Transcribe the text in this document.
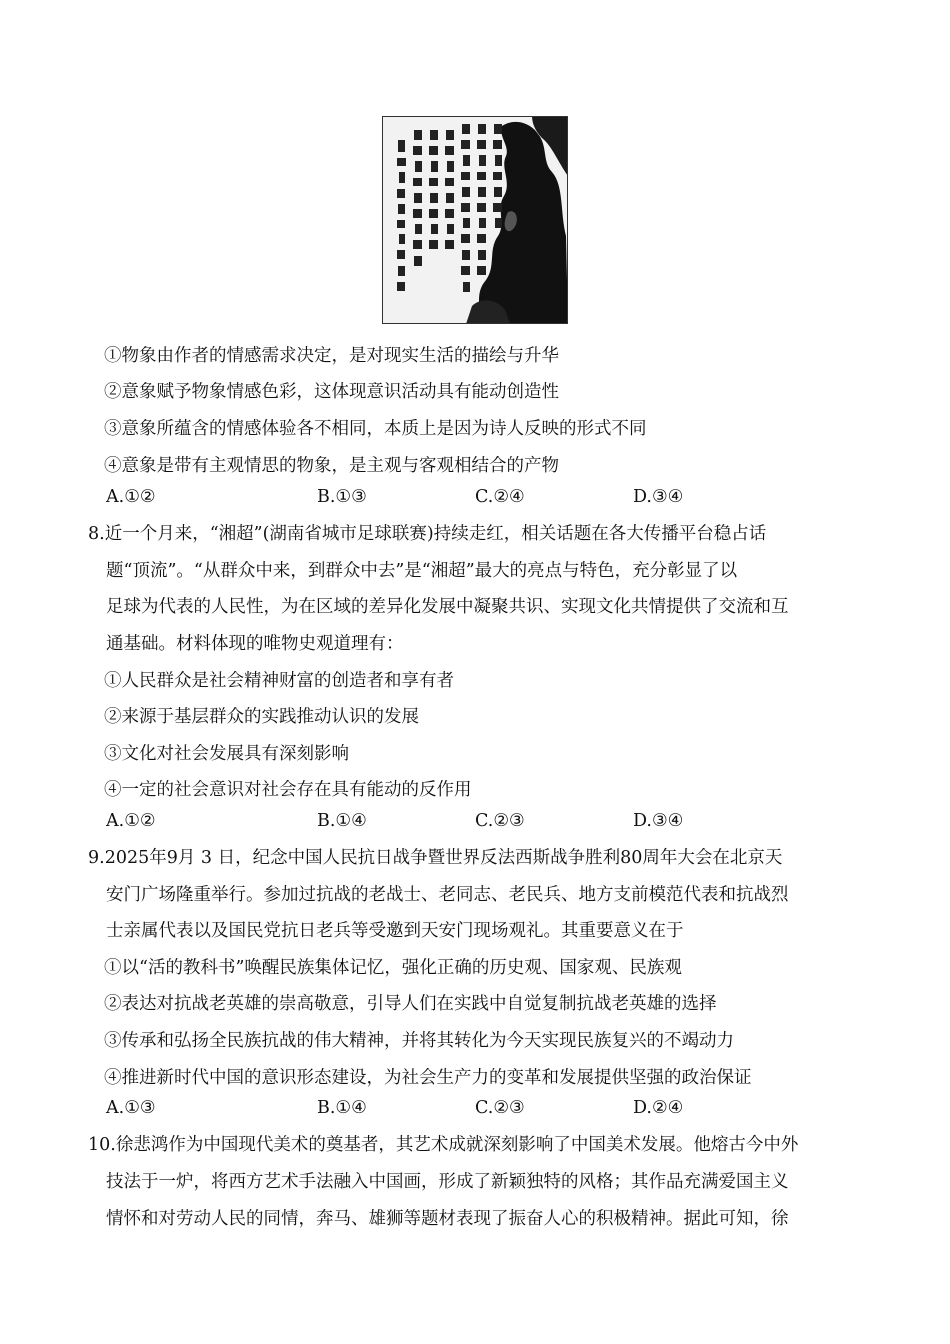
①物象由作者的情感需求决定，是对现实生活的描绘与升华
②意象赋予物象情感色彩，这体现意识活动具有能动创造性
③意象所蕴含的情感体验各不相同，本质上是因为诗人反映的形式不同
④意象是带有主观情思的物象，是主观与客观相结合的产物
A.①②	B.①③	C.②④	D.③④
8.近一个月来，“湘超”(湖南省城市足球联赛)持续走红，相关话题在各大传播平台稳占话
题“顶流”。“从群众中来，到群众中去”是“湘超”最大的亮点与特色，充分彰显了以
足球为代表的人民性，为在区域的差异化发展中凝聚共识、实现文化共情提供了交流和互
通基础。材料体现的唯物史观道理有：
①人民群众是社会精神财富的创造者和享有者
②来源于基层群众的实践推动认识的发展
③文化对社会发展具有深刻影响
④一定的社会意识对社会存在具有能动的反作用
A.①②	B.①④	C.②③	D.③④
9.2025年9月 3 日，纪念中国人民抗日战争暨世界反法西斯战争胜利80周年大会在北京天
安门广场隆重举行。参加过抗战的老战士、老同志、老民兵、地方支前模范代表和抗战烈
士亲属代表以及国民党抗日老兵等受邀到天安门现场观礼。其重要意义在于
①以“活的教科书”唤醒民族集体记忆，强化正确的历史观、国家观、民族观
②表达对抗战老英雄的崇高敬意，引导人们在实践中自觉复制抗战老英雄的选择
③传承和弘扬全民族抗战的伟大精神，并将其转化为今天实现民族复兴的不竭动力
④推进新时代中国的意识形态建设，为社会生产力的变革和发展提供坚强的政治保证
A.①③	B.①④	C.②③	D.②④
10.徐悲鸿作为中国现代美术的奠基者，其艺术成就深刻影响了中国美术发展。他熔古今中外
技法于一炉，将西方艺术手法融入中国画，形成了新颖独特的风格；其作品充满爱国主义
情怀和对劳动人民的同情，奔马、雄狮等题材表现了振奋人心的积极精神。据此可知，徐
